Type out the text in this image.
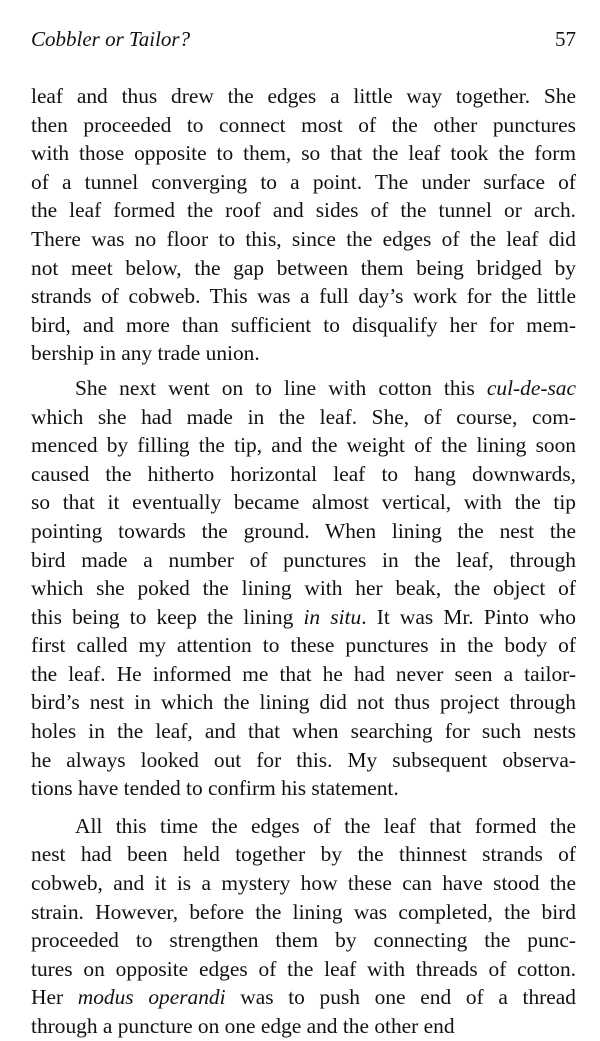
Cobbler or Tailor?	57
leaf and thus drew the edges a little way together. She
then proceeded to connect most of the other punctures
with those opposite to them, so that the leaf took the form
of a tunnel converging to a point. The under surface of
the leaf formed the roof and sides of the tunnel or arch.
There was no floor to this, since the edges of the leaf did
not meet below, the gap between them being bridged by
strands of cobweb. This was a full day’s work for the little
bird, and more than sufficient to disqualify her for mem-
bership in any trade union.
She next went on to line with cotton this cul-de-sac
which she had made in the leaf. She, of course, com-
menced by filling the tip, and the weight of the lining soon
caused the hitherto horizontal leaf to hang downwards,
so that it eventually became almost vertical, with the tip
pointing towards the ground. When lining the nest the
bird made a number of punctures in the leaf, through
which she poked the lining with her beak, the object of
this being to keep the lining in situ. It was Mr. Pinto who
first called my attention to these punctures in the body of
the leaf. He informed me that he had never seen a tailor-
bird’s nest in which the lining did not thus project through
holes in the leaf, and that when searching for such nests
he always looked out for this. My subsequent observa-
tions have tended to confirm his statement.
All this time the edges of the leaf that formed the
nest had been held together by the thinnest strands of
cobweb, and it is a mystery how these can have stood the
strain. However, before the lining was completed, the bird
proceeded to strengthen them by connecting the punc-
tures on opposite edges of the leaf with threads of cotton.
Her modus operandi was to push one end of a thread
through a puncture on one edge and the other end
